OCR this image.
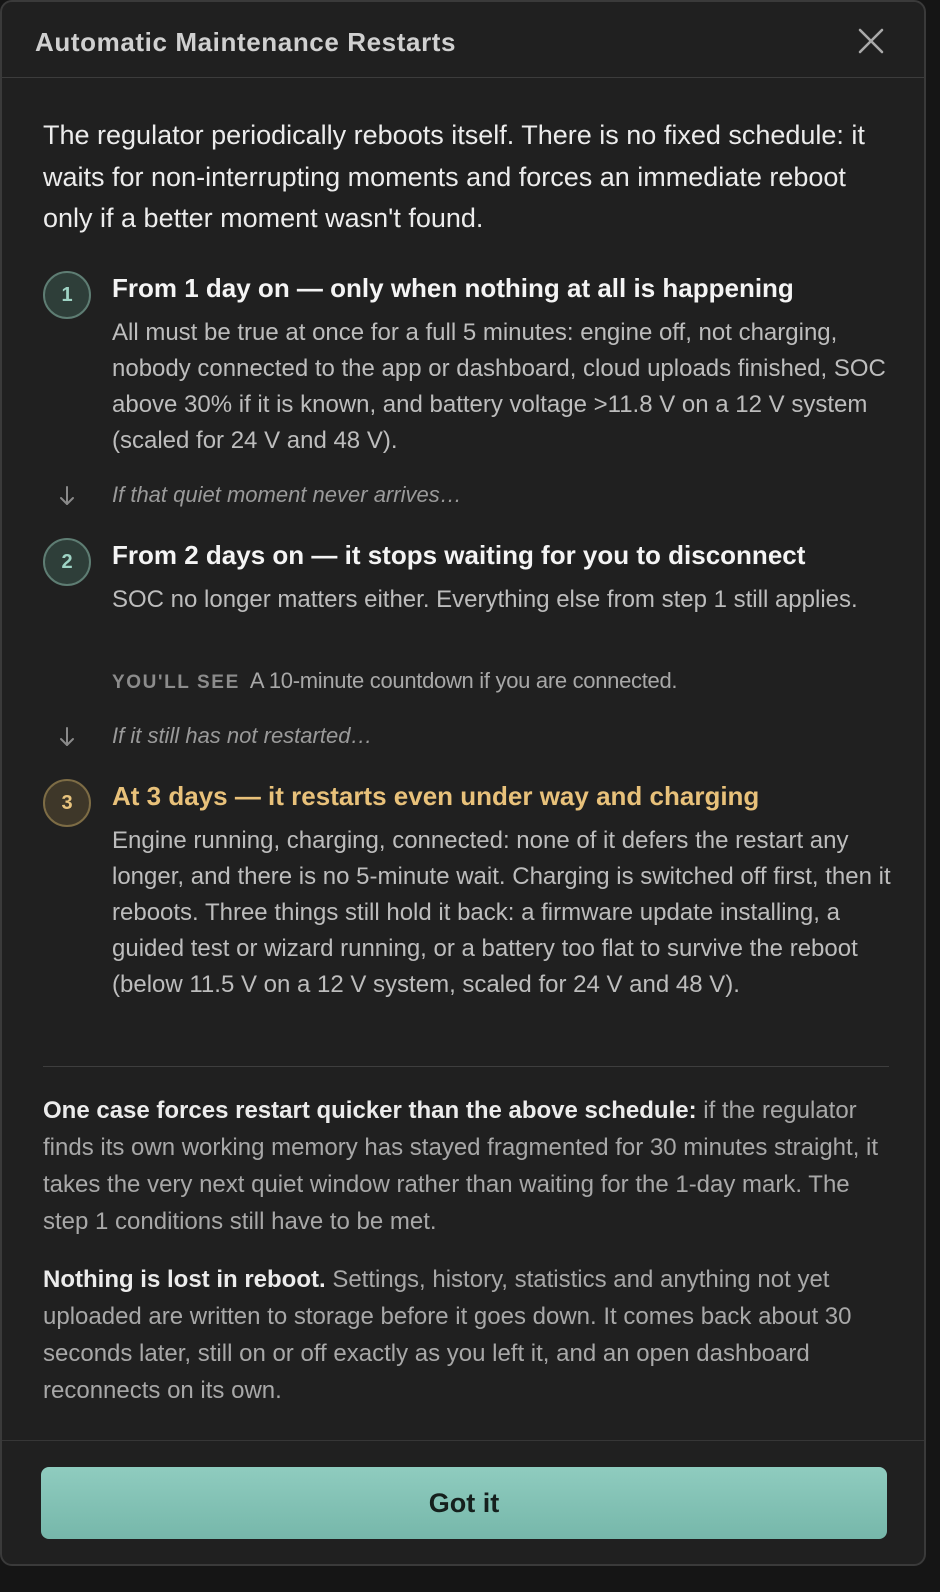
Automatic Maintenance Restarts
The regulator periodically reboots itself. There is no fixed schedule: it waits for non-interrupting moments and forces an immediate reboot only if a better moment wasn't found.
1	From 1 day on — only when nothing at all is happening
All must be true at once for a full 5 minutes: engine off, not charging, nobody connected to the app or dashboard, cloud uploads finished, SOC above 30% if it is known, and battery voltage >11.8 V on a 12 V system (scaled for 24 V and 48 V).
If that quiet moment never arrives…
2	From 2 days on — it stops waiting for you to disconnect
SOC no longer matters either. Everything else from step 1 still applies.
YOU'LL SEE A 10-minute countdown if you are connected.
If it still has not restarted…
3	At 3 days — it restarts even under way and charging
Engine running, charging, connected: none of it defers the restart any longer, and there is no 5-minute wait. Charging is switched off first, then it reboots. Three things still hold it back: a firmware update installing, a guided test or wizard running, or a battery too flat to survive the reboot (below 11.5 V on a 12 V system, scaled for 24 V and 48 V).
One case forces restart quicker than the above schedule: if the regulator finds its own working memory has stayed fragmented for 30 minutes straight, it takes the very next quiet window rather than waiting for the 1-day mark. The step 1 conditions still have to be met.
Nothing is lost in reboot. Settings, history, statistics and anything not yet uploaded are written to storage before it goes down. It comes back about 30 seconds later, still on or off exactly as you left it, and an open dashboard reconnects on its own.
Got it
